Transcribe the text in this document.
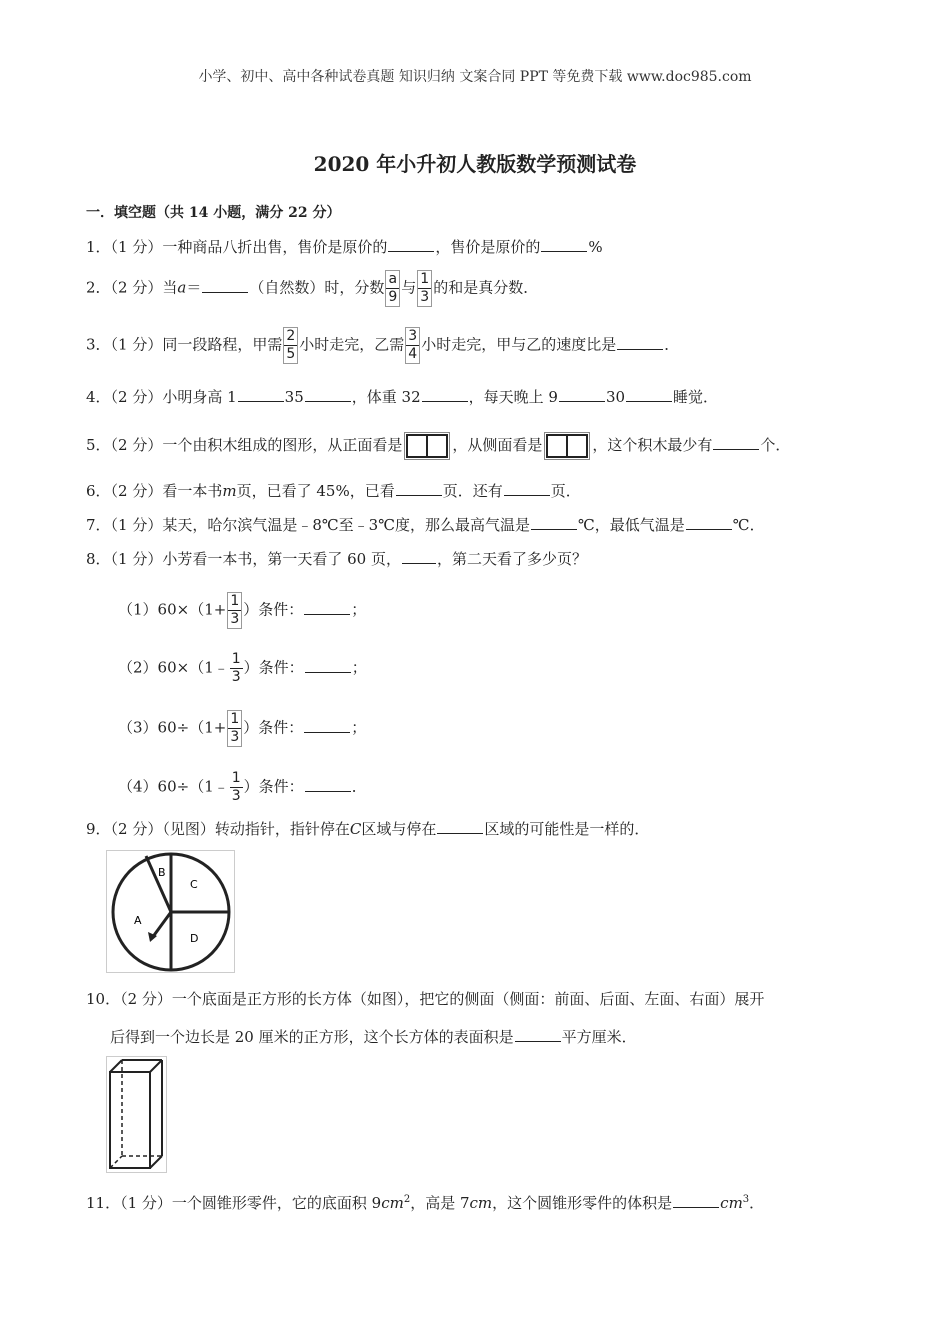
小学、初中、高中各种试卷真题 知识归纳 文案合同 PPT 等免费下载 www.doc985.com
2020 年小升初人教版数学预测试卷
一．填空题（共 14 小题，满分 22 分）
1．（1 分）一种商品八折出售，售价是原价的	，售价是原价的	%
2．（2 分）当a＝	（自然数）时，分数 $\frac{a}{9}$ 与 $\frac{1}{3}$ 的和是真分数．
3．（1 分）同一段路程，甲需 $\frac{2}{5}$ 小时走完，乙需 $\frac{3}{4}$ 小时走完，甲与乙的速度比是	．
4．（2 分）小明身高 1	35	，体重 32	，每天晚上 9	30	睡觉．
5．（2 分）一个由积木组成的图形，从正面看是	，从侧面看是	，这个积木最少有	个．
6．（2 分）看一本书m页，已看了 45%，已看	页．还有	页．
7．（1 分）某天，哈尔滨气温是﹣8℃至﹣3℃度，那么最高气温是	℃，最低气温是	℃．
8．（1 分）小芳看一本书，第一天看了 60 页， ，第二天看了多少页？
$(1)60\times(1+ \frac{1}{3}$ ）条件：	；
（2）60×（1﹣ $\frac{1}{3}$ ）条件：	；
$(3)60\div(1+ \frac{1}{3}$ ）条件：	；
（4）60÷（1﹣ $\frac{1}{3}$ ）条件：	．
9．（2 分）（见图）转动指针，指针停在C区域与停在	区域的可能性是一样的．
B
C
A
D
10．（2 分）一个底面是正方形的长方体（如图），把它的侧面（侧面：前面、后面、左面、右面）展开
后得到一个边长是 20 厘米的正方形，这个长方体的表面积是	平方厘米．
11．（1 分）一个圆锥形零件，它的底面积 $9cm^2$，高是 7cm，这个圆锥形零件的体积是	$cm^3$．
